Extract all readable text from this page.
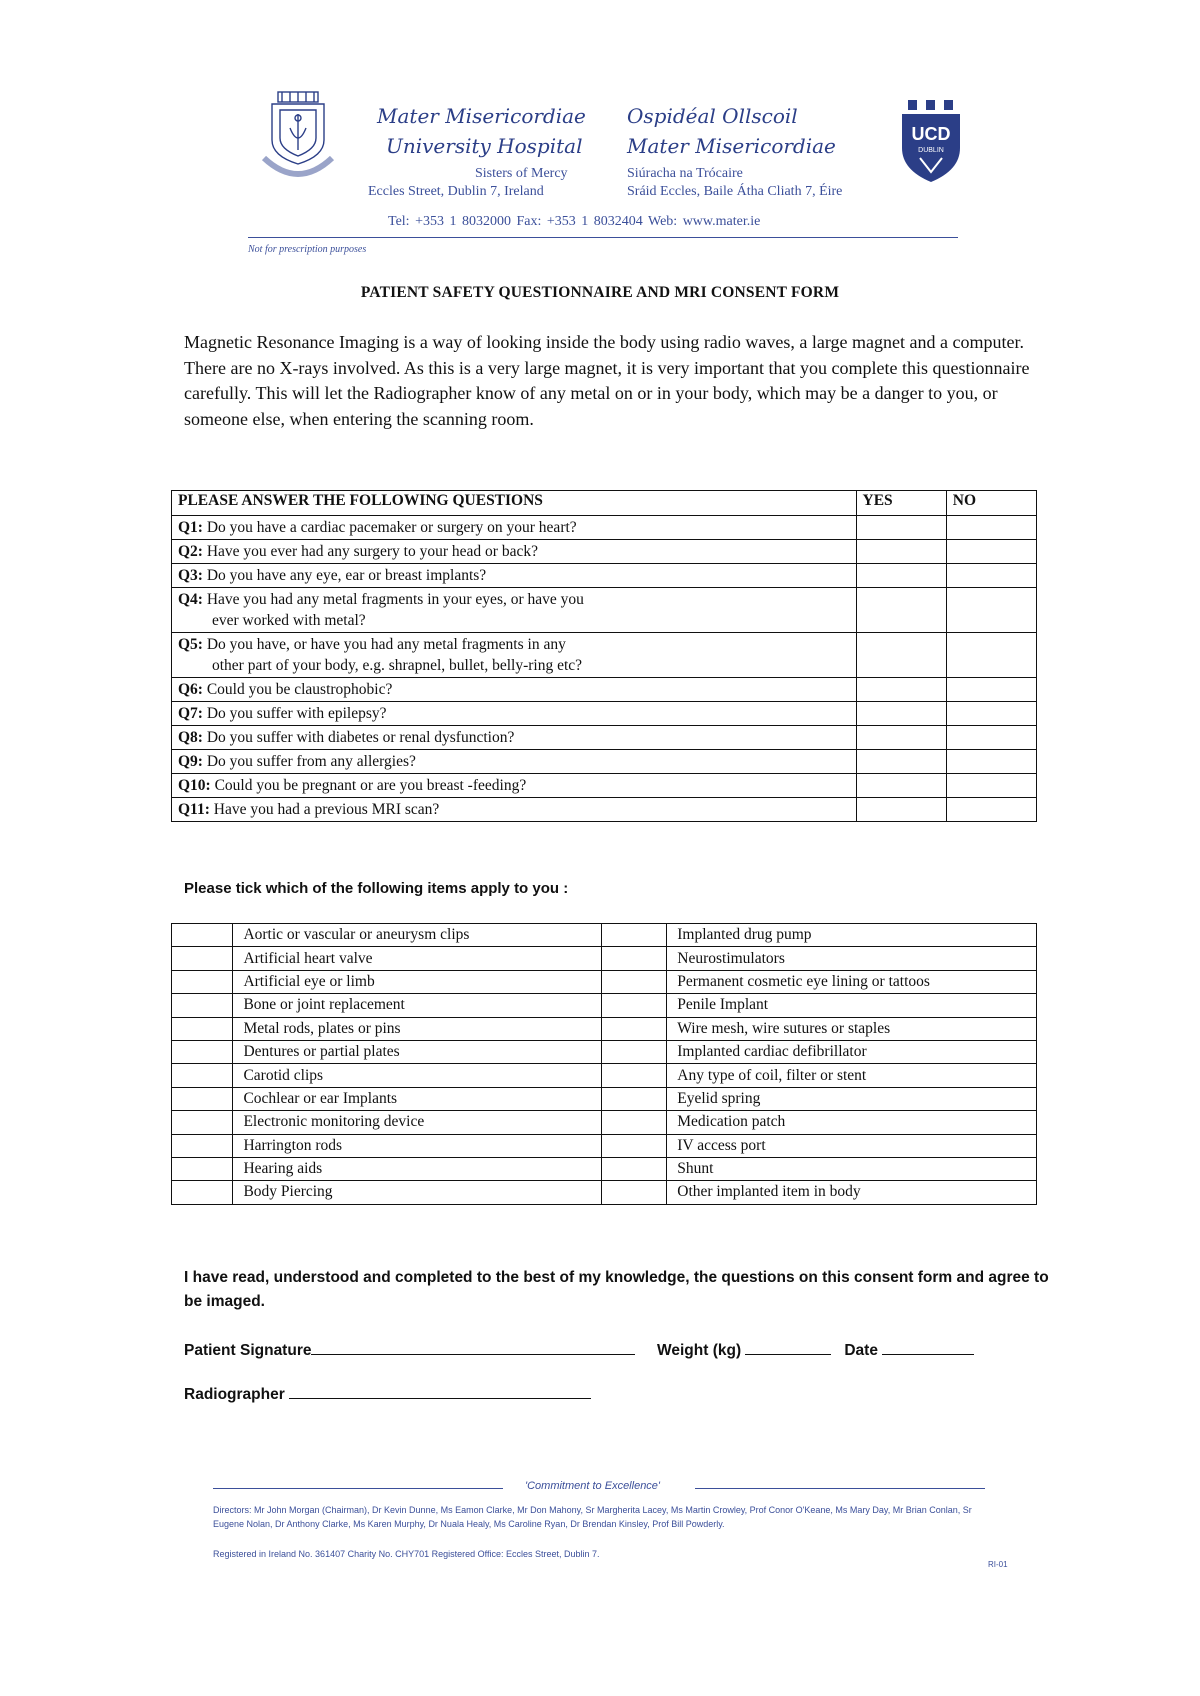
Mater Misericordiae
University Hospital
Ospidéal Ollscoil
Mater Misericordiae
Sisters of Mercy
Eccles Street, Dublin 7, Ireland
Siúracha na Trócaire
Sráid Eccles, Baile Átha Cliath 7, Éire
UCD
DUBLIN
Tel: +353 1 8032000 Fax: +353 1 8032404 Web: www.mater.ie
Not for prescription purposes
PATIENT SAFETY QUESTIONNAIRE AND MRI CONSENT FORM
Magnetic Resonance Imaging is a way of looking inside the body using radio waves, a large magnet and a computer. There are no X-rays involved. As this is a very large magnet, it is very important that you complete this questionnaire carefully. This will let the Radiographer know of any metal on or in your body, which may be a danger to you, or someone else, when entering the scanning room.
PLEASE ANSWER THE FOLLOWING QUESTIONS	YES	NO
Q1: Do you have a cardiac pacemaker or surgery on your heart?		
Q2: Have you ever had any surgery to your head or back?		
Q3: Do you have any eye, ear or breast implants?		
Q4: Have you had any metal fragments in your eyes, or have you
ever worked with metal?		

Q5: Do you have, or have you had any metal fragments in any
other part of your body, e.g. shrapnel, bullet, belly-ring etc?		

Q6: Could you be claustrophobic?		
Q7: Do you suffer with epilepsy?		
Q8: Do you suffer with diabetes or renal dysfunction?		
Q9: Do you suffer from any allergies?		
Q10: Could you be pregnant or are you breast -feeding?		
Q11: Have you had a previous MRI scan?		
Please tick which of the following items apply to you :
	Aortic or vascular or aneurysm clips		Implanted drug pump
	Artificial heart valve		Neurostimulators
	Artificial eye or limb		Permanent cosmetic eye lining or tattoos
	Bone or joint replacement		Penile Implant
	Metal rods, plates or pins		Wire mesh, wire sutures or staples
	Dentures or partial plates		Implanted cardiac defibrillator
	Carotid clips		Any type of coil, filter or stent
	Cochlear or ear Implants		Eyelid spring
	Electronic monitoring device		Medication patch
	Harrington rods		IV access port
	Hearing aids		Shunt
	Body Piercing		Other implanted item in body
I have read, understood and completed to the best of my knowledge, the questions on this consent form and agree to be imaged.
Patient Signature	Weight (kg)	Date
Radiographer
'Commitment to Excellence'
Directors: Mr John Morgan (Chairman), Dr Kevin Dunne, Ms Eamon Clarke, Mr Don Mahony, Sr Margherita Lacey, Ms Martin Crowley, Prof Conor O'Keane, Ms Mary Day, Mr Brian Conlan, Sr Eugene Nolan, Dr Anthony Clarke, Ms Karen Murphy, Dr Nuala Healy, Ms Caroline Ryan, Dr Brendan Kinsley, Prof Bill Powderly.
Registered in Ireland No. 361407 Charity No. CHY701 Registered Office: Eccles Street, Dublin 7.
RI-01
